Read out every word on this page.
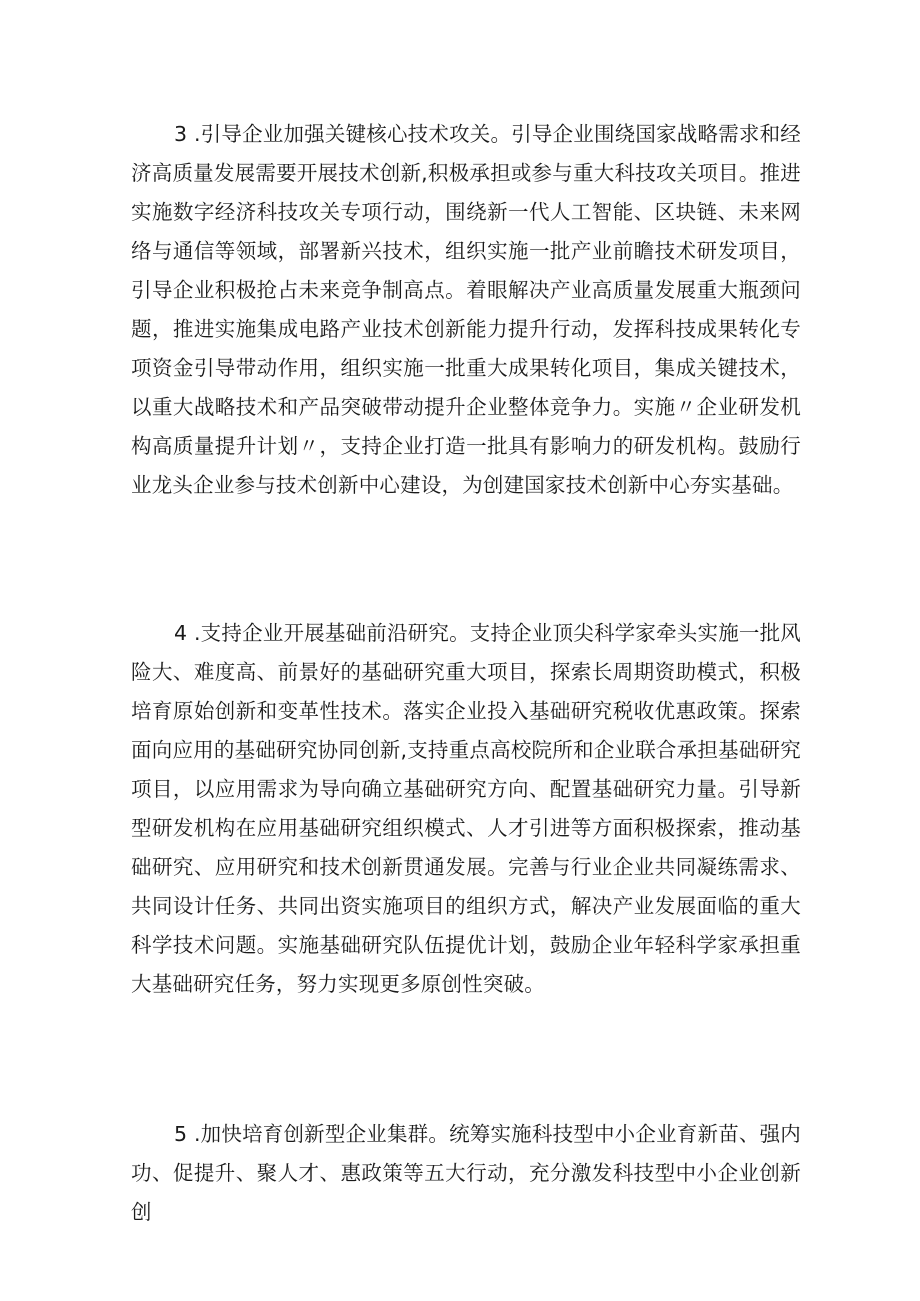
3 .引导企业加强关键核心技术攻关。引导企业围绕国家战略需求和经济高质量发展需要开展技术创新,积极承担或参与重大科技攻关项目。推进实施数字经济科技攻关专项行动，围绕新一代人工智能、区块链、未来网络与通信等领域，部署新兴技术，组织实施一批产业前瞻技术研发项目，引导企业积极抢占未来竞争制高点。着眼解决产业高质量发展重大瓶颈问题，推进实施集成电路产业技术创新能力提升行动，发挥科技成果转化专项资金引导带动作用，组织实施一批重大成果转化项目，集成关键技术，以重大战略技术和产品突破带动提升企业整体竞争力。实施〃企业研发机构高质量提升计划〃，支持企业打造一批具有影响力的研发机构。鼓励行业龙头企业参与技术创新中心建设，为创建国家技术创新中心夯实基础。

4 .支持企业开展基础前沿研究。支持企业顶尖科学家牵头实施一批风险大、难度高、前景好的基础研究重大项目，探索长周期资助模式，积极培育原始创新和变革性技术。落实企业投入基础研究税收优惠政策。探索面向应用的基础研究协同创新,支持重点高校院所和企业联合承担基础研究项目，以应用需求为导向确立基础研究方向、配置基础研究力量。引导新型研发机构在应用基础研究组织模式、人才引进等方面积极探索，推动基础研究、应用研究和技术创新贯通发展。完善与行业企业共同凝练需求、共同设计任务、共同出资实施项目的组织方式，解决产业发展面临的重大科学技术问题。实施基础研究队伍提优计划，鼓励企业年轻科学家承担重大基础研究任务，努力实现更多原创性突破。

5 .加快培育创新型企业集群。统筹实施科技型中小企业育新苗、强内功、促提升、聚人才、惠政策等五大行动，充分激发科技型中小企业创新创
